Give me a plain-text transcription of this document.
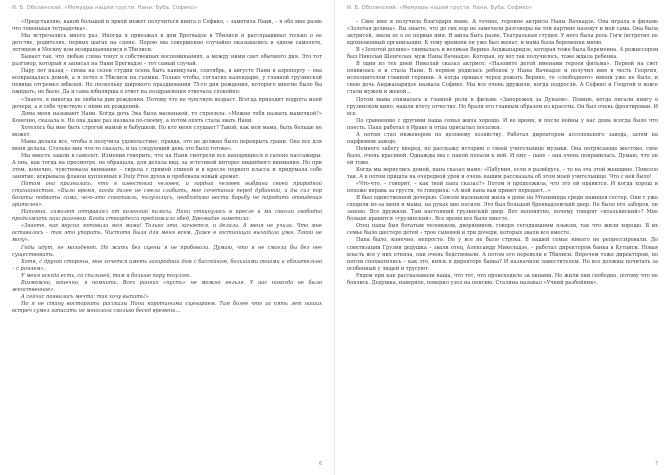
И. Б. Оболенский. «Мемуары нашей грусти. Нани, Буба, Софико»

«Представляю, какой большой и яркой может получиться книга о Софико, – заметила Нани, – я обо мне разве что тоненькая тетрадочка».

Мы встречались много раз. Иногда я приезжал в дом Брегвадзе в Тбилиси и расспрашивал только о ее детстве, родителях, первых шагах на сцене. Порою мы совершенно случайно оказывались в одном самолете, летящем в Москву или возвращающемся в Тбилиси.

Бывает так, что любые слова тонут в собственных воспоминаниях, а между ними свет обычного дня. Это тот разговор, который я записал на Нани Брегвадзе – тот самый случай.

Пару лет назад – снова на сезон студии осень быть каникулам, сентябрь, в августе Нани в аэропорту – она возвращалась домой, а я летел в Тбилиси на съемки. Только чтобы, согласно календарю, у главной грузинской певицы отгремел юбилей. Но поскольку широкого празднования 75-го дня рождения, которого многие было бы ожидать, не было. Да и сама юбилярша в ответ на поздравления отвечала спокойно:

«Знаете, я никогда не любила дни рождения. Потому что не чувствую возраст. Всегда приходит подруга моей дочери, а я себе чувствую с ними их рождений.

Дома меня называют Нани. Когда дочь Эка была маленькой, то спросила: «Можно тебя назвать мамочкой?» Конечно, сказала я. Но она даже раз назвала по-своему, а потом опять стала звать Нани.

Хотелось бы мне быть строгой мамой и бабушкой. Но кто меня слушает? Такой, как моя мама, быть больше не может.

Мама делала все, чтобы я получила удовольствие, правда, это не должно было перекрыть грани. Она все для меня делала. Столько мне что-то сказать, и на следующий день это было готово».

Мы вместе зашли в самолет. Изменив говорить, что на Нани смотрели все находящиеся в салоне пассажиры. А она, как тогда на просмотре, не обращала, для делала вид, за эстетикой интерес вишнёвого внимания. Но при этом, конечно, чувствовала внимание – сидела с прямой спиной и в кресле первого класса и придумала себе занятие: вскрывала флакон купленных в Duty Free духов и пробовала новый аромат.

Потом она призналась, что я известный человек, и гордый человек выбрана своей природной стихийностью. «Было время, когда далее не смела слабыть, мое сочетания перед дубинкой, а ды сил пор богиты подвиты сама, чего-это спектакль, получились, необходимо вести борьбу не порядить отвидения зрителей».

Напомни, самолет отправлял от коленной полосы. Нани откинулась в кресле и ми смогли свободно продолжить наш разговор. Когда стюардесса предложила обед, Брегвадзе заметила:

«Знаете, как вкусно готовила моя мама! Только это, качается, и делала. А меня не учила. Что мне оставалось – так это упорить. Чистота была для меня всем. Даже в гостиницах выходила уже. Такой не могу».

Годы идут, не молодеют. Но жить без сцены я не пробовала. Думаю, что я не смогла бы без нее существовать.

Хотя, с другой стороны, мне хочется иметь загородний дом с бассейном, большими окнами и обязательно – с роялем».

У меня всегда есть, со спальней, там я больше пару погуляю.

Возможно, конечно, я помнить. Всех ранних «пусть» не можно нельзя. У нас никогда не было женственное».

А сейчас появилась мечта: так хочу выпить!»

Но я не стану восторгать рассказы Нани коротиными сценарием. Там более что за пять лет наших встреч сумел записать не монолога сколько бесед времени…

6
И. Б. Оболенский. «Мемуары нашей грусти. Нани, Буба, Софико»

– Свое имя я получила благодаря маме. А точнее, героине актрисы Наны Вачнадзе. Она играла в фильме «Золотая долина». Вы знаете, что до сих пор не замечали разговоры на той картине назовут и мой сама. Она была актрисой, звали ее о ее первые имя. Я шила быть разве. Театральная студия: У него была роль Гоги (встретил пе вдохновенный организации. К тому времени он уже был женат, и мама была беременна мною.

В «Золотой долине» снималась и великая Верико Анджапаридзе, которая тоже была беременна. А режиссером был Николай Шенгелая, муж Наны Вачнадзе. Которая, ну вот так получилось, тоже ждала ребенка.

В один из тех дней Николай сказал актрисе: «Назовите детей именами героев фильма». Первой на свет появилась я и стала Нани. В первом родилась ребенок у Наны Вачнадзе и получил имя в честь Георгия, исполнителем главной героини. А когда пришел черед рожать Верико, то «свободного» имени уже не было, и свою дочь Анджапаридзе назвала Софико. Мы все очень дружили, когда подросли. А Софико и Георгий и вовсе стали мужем и женой…

Потом мама снималась в главной роли в фильме «Запорожец за Дунаем». Помню, когда писали книгу о грузинском кино, нашли итету отчество. Но брали его главным образом из красоты. Он был очень фронтирован. И все.

По сравнению с другими наша семья жила хорошо. И во время, и после войны у нас дома всегда было что поесть. Папа работал в Ираке и отцы присылал посылки.

А потом стал инженером по деловому хозяйству. Работал директором ассоленьного завода, затем на парфюмом заводе.

Немного забегу вперед, но расскажу историю о своей учительнице музыки. Она потрясающе жестоко, свое было, очень красивой. Однажды мы с папой попали к ней. И ему – папе – она очень понравилась. Думаю, что он ей тоже.

Когда мы вернулись домой, папа сказал маме: «Пабуния, если я развёдусь, – то на эта этой женщине. Повезло так. А в потом пришла на очередной урок и очень нашим рассказала об этом моей учительнице. Что с ней было!

«Что-что, – говорит, – как твой папа сказал?» Потом я продолжила, что это ей нравится. И когда хорош и похоже вправа за грусти, то говорила: «А мой папа вам привет передает…»

Я был единственной дочерью. Совсем маленькой жила в доме на Мтацминда среди наинцев сестер. Они с уже сходили из-за меня и мамы, на руках вне носили. Это был большой бренвадзевский двор. Не было его заборов, он заново. Все дружили. Там настоящий грузинский двор. Вот непонятно, почему говорят «итальянский»? Мне больше нравится «грузинский». Все время все было вместе.

Отец папы был богатым человеком, дворянином, говоря сегодняшним языком, так что жили хорошо. В их семье было шестеро детей – трое сыновей и три дочери, которых звали все вместе.

Папа было, конечно, непросто. Не у все не было строка. В нашей семье никого не репрессировали. До советизации Грузии дедушка – звали отец, Александр Микеладзе, – работал директором банка в Кутаиси. Новая власть все у них отняла, они очень бедствовали. А потом его перевели в Тбилиси. Впрочем тоже директором, по потом спохватились – как это, князь в директоре банка? И назначили заместителем. Но все должны почитать за особенный у людей и трусуют.

Рядом при как рассказывали наша, что тот, что происходило за окнами. Но жили они свободно, потому что не боялись. Дедушка, наверное, поверил узел на пенсию. Сталина называл «Учкий разбойник».

7
